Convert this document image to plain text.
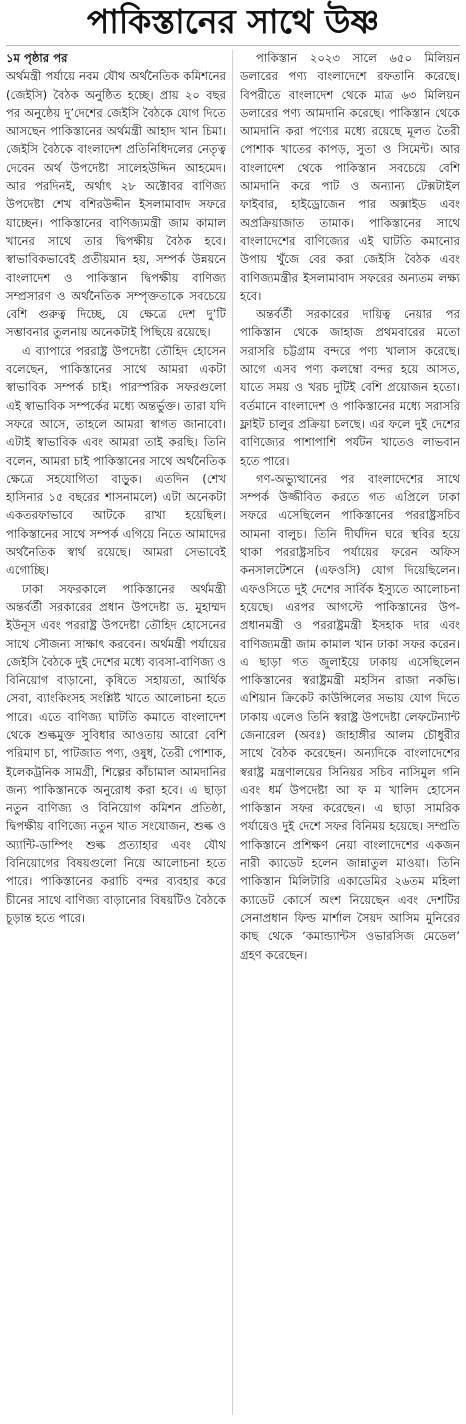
পাকিস্তানের সাথে উষ্ণ

১ম পৃষ্ঠার পর

অর্থমন্ত্রী পর্যায়ে নবম যৌথ অর্থনৈতিক কমিশনের (জেইসি) বৈঠক অনুষ্ঠিত হচ্ছে। প্রায় ২০ বছর পর অনুষ্ঠেয় দু’দেশের জেইসি বৈঠকে যোগ দিতে আসছেন পাকিস্তানের অর্থমন্ত্রী আহাদ খান চিমা। জেইসি বৈঠকে বাংলাদেশ প্রতিনিধিদলের নেতৃত্ব দেবেন অর্থ উপদেষ্টা সালেহউদ্দিন আহমেদ। আর পরদিনই, অর্থাৎ ২৮ অক্টোবর বাণিজ্য উপদেষ্টা শেখ বশিরউদ্দীন ইসলামাবাদ সফরে যাচ্ছেন। পাকিস্তানের বাণিজ্যমন্ত্রী জাম কামাল খানের সাথে তার দ্বিপক্ষীয় বৈঠক হবে। স্বাভাবিকভাবেই প্রতীয়মান হয়, সম্পর্ক উন্নয়নে বাংলাদেশ ও পাকিস্তান দ্বিপক্ষীয় বাণিজ্য সম্প্রসারণ ও অর্থনৈতিক সম্পৃক্ততাকে সবচেয়ে বেশি গুরুত্ব দিচ্ছে, যে ক্ষেত্রে দেশ দু’টি সম্ভাবনার তুলনায় অনেকটাই পিছিয়ে রয়েছে।

এ ব্যাপারে পররাষ্ট্র উপদেষ্টা তৌহিদ হোসেন বলেছেন, পাকিস্তানের সাথে আমরা একটা স্বাভাবিক সম্পর্ক চাই। পারস্পরিক সফরগুলো এই স্বাভাবিক সম্পর্কের মধ্যে অন্তর্ভুক্ত। তারা যদি সফরে আসে, তাহলে আমরা স্বাগত জানাবো। এটাই স্বাভাবিক এবং আমরা তাই করছি। তিনি বলেন, আমরা চাই পাকিস্তানের সাথে অর্থনৈতিক ক্ষেত্রে সহযোগিতা বাড়ুক। এতদিন (শেখ হাসিনার ১৫ বছরের শাসনামলে) এটা অনেকটা একতরফাভাবে আটকে রাখা হয়েছিল। পাকিস্তানের সাথে সম্পর্ক এগিয়ে নিতে আমাদের অর্থনৈতিক স্বার্থ রয়েছে। আমরা সেভাবেই এগোচ্ছি।

ঢাকা সফরকালে পাকিস্তানের অর্থমন্ত্রী অন্তর্বর্তী সরকারের প্রধান উপদেষ্টা ড. মুহাম্মদ ইউনূস এবং পররাষ্ট্র উপদেষ্টা তৌহিদ হোসেনের সাথে সৌজন্য সাক্ষাৎ করবেন। অর্থমন্ত্রী পর্যায়ের জেইসি বৈঠকে দুই দেশের মধ্যে ব্যবসা-বাণিজ্য ও বিনিয়োগ বাড়ানো, কৃষিতে সহায়তা, আর্থিক সেবা, ব্যাংকিংসহ সংশ্লিষ্ট খাতে আলোচনা হতে পারে। এতে বাণিজ্য ঘাটতি কমাতে বাংলাদেশ থেকে শুল্কমুক্ত সুবিধার আওতায় আরো বেশি পরিমাণ চা, পাটজাত পণ্য, ওষুধ, তৈরী পোশাক, ইলেকট্রনিক সামগ্রী, শিল্পের কাঁচামাল আমদানির জন্য পাকিস্তানকে অনুরোধ করা হবে। এ ছাড়া নতুন বাণিজ্য ও বিনিয়োগ কমিশন প্রতিষ্ঠা, দ্বিপক্ষীয় বাণিজ্যে নতুন খাত সংযোজন, শুল্ক ও অ্যান্টি-ডাম্পিং শুল্ক প্রত্যাহার এবং যৌথ বিনিয়োগের বিষয়গুলো নিয়ে আলোচনা হতে পারে। পাকিস্তানের করাচি বন্দর ব্যবহার করে চীনের সাথে বাণিজ্য বাড়ানোর বিষয়টিও বৈঠকে চূড়ান্ত হতে পারে।

পাকিস্তান ২০২৩ সালে ৬৫০ মিলিয়ন ডলারের পণ্য বাংলাদেশে রফতানি করেছে। বিপরীতে বাংলাদেশ থেকে মাত্র ৬৩ মিলিয়ন ডলারের পণ্য আমদানি করেছে। পাকিস্তান থেকে আমদানি করা পণ্যের মধ্যে রয়েছে মূলত তৈরী পোশাক খাতের কাপড়, সুতা ও সিমেন্ট। আর বাংলাদেশ থেকে পাকিস্তান সবচেয়ে বেশি আমদানি করে পাট ও অন্যান্য টেক্সটাইল ফাইবার, হাইড্রোজেন পার অক্সাইড এবং অপ্রক্রিয়াজাত তামাক। পাকিস্তানের সাথে বাংলাদেশের বাণিজ্যের এই ঘাটতি কমানোর উপায় খুঁজে বের করা জেইসি বৈঠক এবং বাণিজ্যমন্ত্রীর ইসলামাবাদ সফরের অন্যতম লক্ষ্য হবে।

অন্তর্বর্তী সরকারের দায়িত্ব নেয়ার পর পাকিস্তান থেকে জাহাজ প্রথমবারের মতো সরাসরি চট্টগ্রাম বন্দরে পণ্য খালাস করেছে। আগে এসব পণ্য কলম্বো বন্দর হয়ে আসত, যাতে সময় ও খরচ দুটিই বেশি প্রয়োজন হতো। বর্তমানে বাংলাদেশ ও পাকিস্তানের মধ্যে সরাসরি ফ্লাইট চালুর প্রক্রিয়া চলছে। এর ফলে দুই দেশের বাণিজ্যের পাশাপাশি পর্যটন খাতেও লাভবান হতে পারে।

গণ-অভ্যুত্থানের পর বাংলাদেশের সাথে সম্পর্ক উজ্জীবিত করতে গত এপ্রিলে ঢাকা সফরে এসেছিলেন পাকিস্তানের পররাষ্ট্রসচিব আমনা বালুচ। তিনি দীর্ঘদিন ঘরে স্থবির হয়ে থাকা পররাষ্ট্রসচিব পর্যায়ের ফরেন অফিস কনসালটেশনে (এফওসি) যোগ দিয়েছিলেন। এফওসিতে দুই দেশের সার্বিক ইস্যুতে আলোচনা হয়েছে। এরপর আগস্টে পাকিস্তানের উপ-প্রধানমন্ত্রী ও পররাষ্ট্রমন্ত্রী ইসহাক দার এবং বাণিজ্যমন্ত্রী জাম কামাল খান ঢাকা সফর করেন। এ ছাড়া গত জুলাইয়ে ঢাকায় এসেছিলেন পাকিস্তানের স্বরাষ্ট্রমন্ত্রী মহসিন রাজা নকভি। এশিয়ান ক্রিকেট কাউন্সিলের সভায় যোগ দিতে ঢাকায় এলেও তিনি স্বরাষ্ট্র উপদেষ্টা লেফটেন্যান্ট জেনারেল (অবঃ) জাহাঙ্গীর আলম চৌধুরীর সাথে বৈঠক করেছেন। অন্যদিকে বাংলাদেশের স্বরাষ্ট্র মন্ত্রণালয়ের সিনিয়র সচিব নাসিমুল গনি এবং ধর্ম উপদেষ্টা আ ফ ম খালিদ হোসেন পাকিস্তান সফর করেছেন। এ ছাড়া সামরিক পর্যায়েও দুই দেশে সফর বিনিময় হয়েছে। সম্প্রতি পাকিস্তানে প্রশিক্ষণ নেয়া বাংলাদেশের একজন নারী ক্যাডেট হলেন জান্নাতুল মাওয়া। তিনি পাকিস্তান মিলিটারি একাডেমির ২৬তম মহিলা ক্যাডেট কোর্সে অংশ নিয়েছেন এবং দেশটির সেনাপ্রধান ফিল্ড মার্শাল সৈয়দ আসিম মুনিরের কাছ থেকে ‘কমান্ড্যান্টস ওভারসিজ মেডেল’ গ্রহণ করেছেন।
